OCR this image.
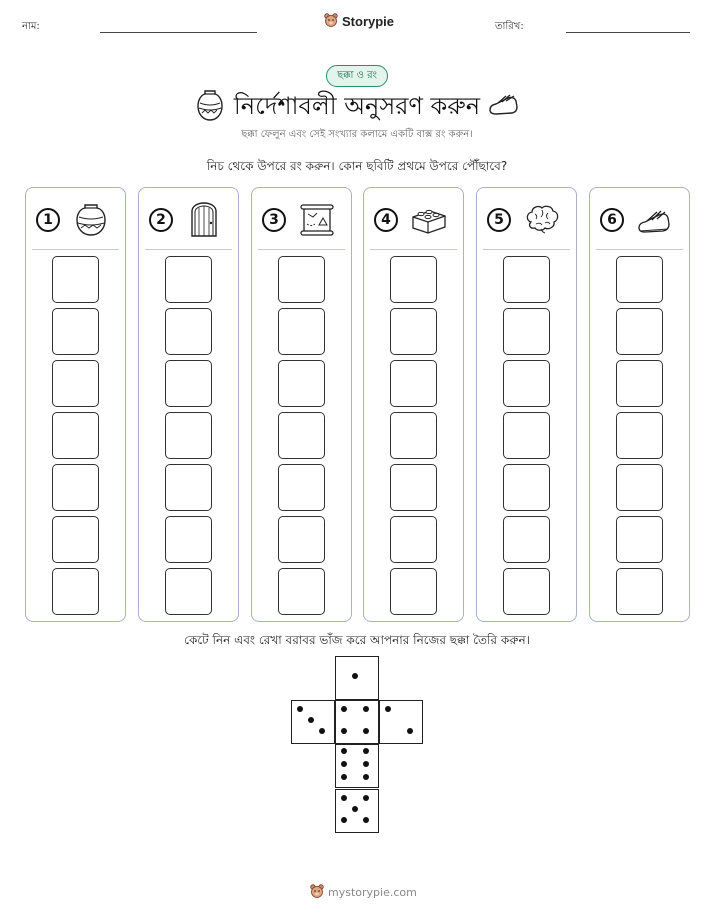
নাম:	Storypie	তারিখ:
ছক্কা ও রং
নির্দেশাবলী অনুসরণ করুন
ছক্কা ফেলুন এবং সেই সংখ্যার কলামে একটি বাক্স রং করুন।
নিচ থেকে উপরে রং করুন। কোন ছবিটি প্রথমে উপরে পৌঁছাবে?
1	2	3	4	5	6
কেটে নিন এবং রেখা বরাবর ভাঁজ করে আপনার নিজের ছক্কা তৈরি করুন।
mystorypie.com
